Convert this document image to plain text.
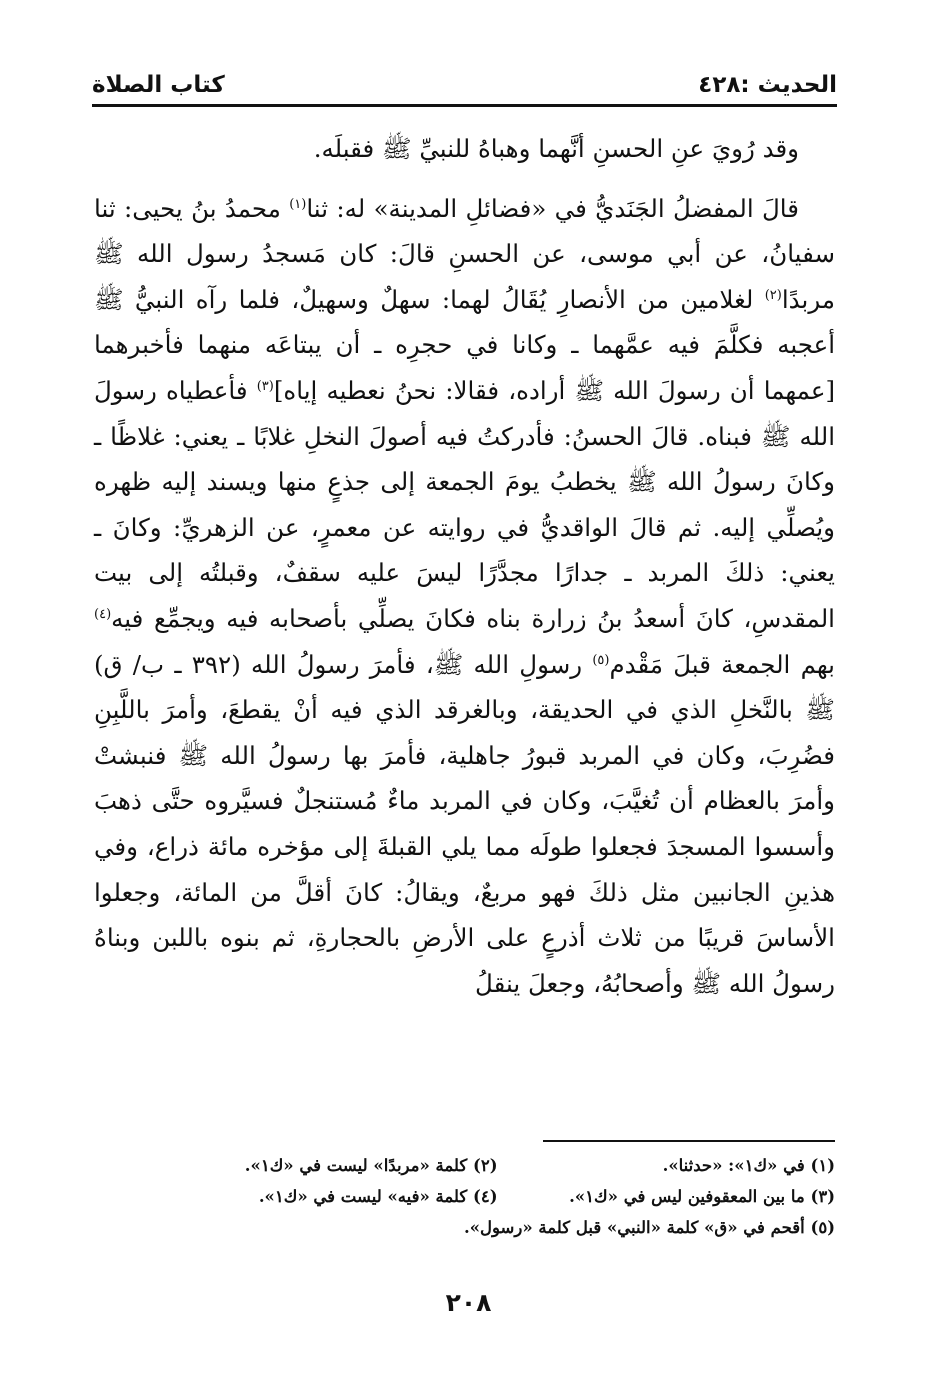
الحديث :٤٢٨
كتاب الصلاة

وقد رُويَ عنِ الحسنِ أنَّهما وهباهُ للنبيِّ ﷺ فقبلَه.

قالَ المفضلُ الجَنَديُّ في «فضائلِ المدينة» له: ثنا$^{(١)}$ محمدُ بنُ يحيى: ثنا سفيانُ، عن أبي موسى، عن الحسنِ قالَ: كان مَسجدُ رسول الله ﷺ مربدًا$^{(٢)}$ لغلامين من الأنصارِ يُقَالُ لهما: سهلٌ وسهيلٌ، فلما رآه النبيُّ ﷺ أعجبه فكلَّمَ فيه عمَّهما ـ وكانا في حجرِه ـ أن يبتاعَه منهما فأخبرهما [عمهما أن رسولَ الله ﷺ أراده، فقالا: نحنُ نعطيه إياه]$^{(٣)}$ فأعطياه رسولَ الله ﷺ فبناه. قالَ الحسنُ: فأدركتُ فيه أصولَ النخلِ غلابًا ـ يعني: غلاظًا ـ وكانَ رسولُ الله ﷺ يخطبُ يومَ الجمعة إلى جذعٍ منها ويسند إليه ظهره ويُصلِّي إليه. ثم قالَ الواقديُّ في روايته عن معمرٍ، عن الزهريِّ: وكانَ ـ يعني: ذلكَ المربد ـ جدارًا مجدَّرًا ليسَ عليه سقفٌ، وقبلتُه إلى بيت المقدسِ، كانَ أسعدُ بنُ زرارة بناه فكانَ يصلِّي بأصحابه فيه ويجمِّع فيه$^{(٤)}$ بهم الجمعة قبلَ مَقْدم$^{(٥)}$ رسولِ الله ﷺ، فأمرَ رسولُ الله (٣٩٢ ـ ب/ ق) ﷺ بالنَّخلِ الذي في الحديقة، وبالغرقد الذي فيه أنْ يقطعَ، وأمرَ باللَّبِنِ فضُرِبَ، وكان في المربد قبورُ جاهلية، فأمرَ بها رسولُ الله ﷺ فنبشتْ وأمرَ بالعظام أن تُغيَّبَ، وكان في المربد ماءٌ مُستنجلٌ فسيَّروه حتَّى ذهبَ وأسسوا المسجدَ فجعلوا طولَه مما يلي القبلةَ إلى مؤخره مائة ذراع، وفي هذينِ الجانبين مثل ذلكَ فهو مربعٌ، ويقالُ: كانَ أقلَّ من المائة، وجعلوا الأساسَ قريبًا من ثلاث أذرعٍ على الأرضِ بالحجارةِ، ثم بنوه باللبن وبناهُ رسولُ الله ﷺ وأصحابُهُ، وجعلَ ينقلُ

(١) في «ك١»: «حدثنا».
(٢) كلمة «مربدًا» ليست في «ك١».
(٣) ما بين المعقوفين ليس في «ك١».
(٤) كلمة «فيه» ليست في «ك١».
(٥) أقحم في «ق» كلمة «النبي» قبل كلمة «رسول».
٢٠٨
